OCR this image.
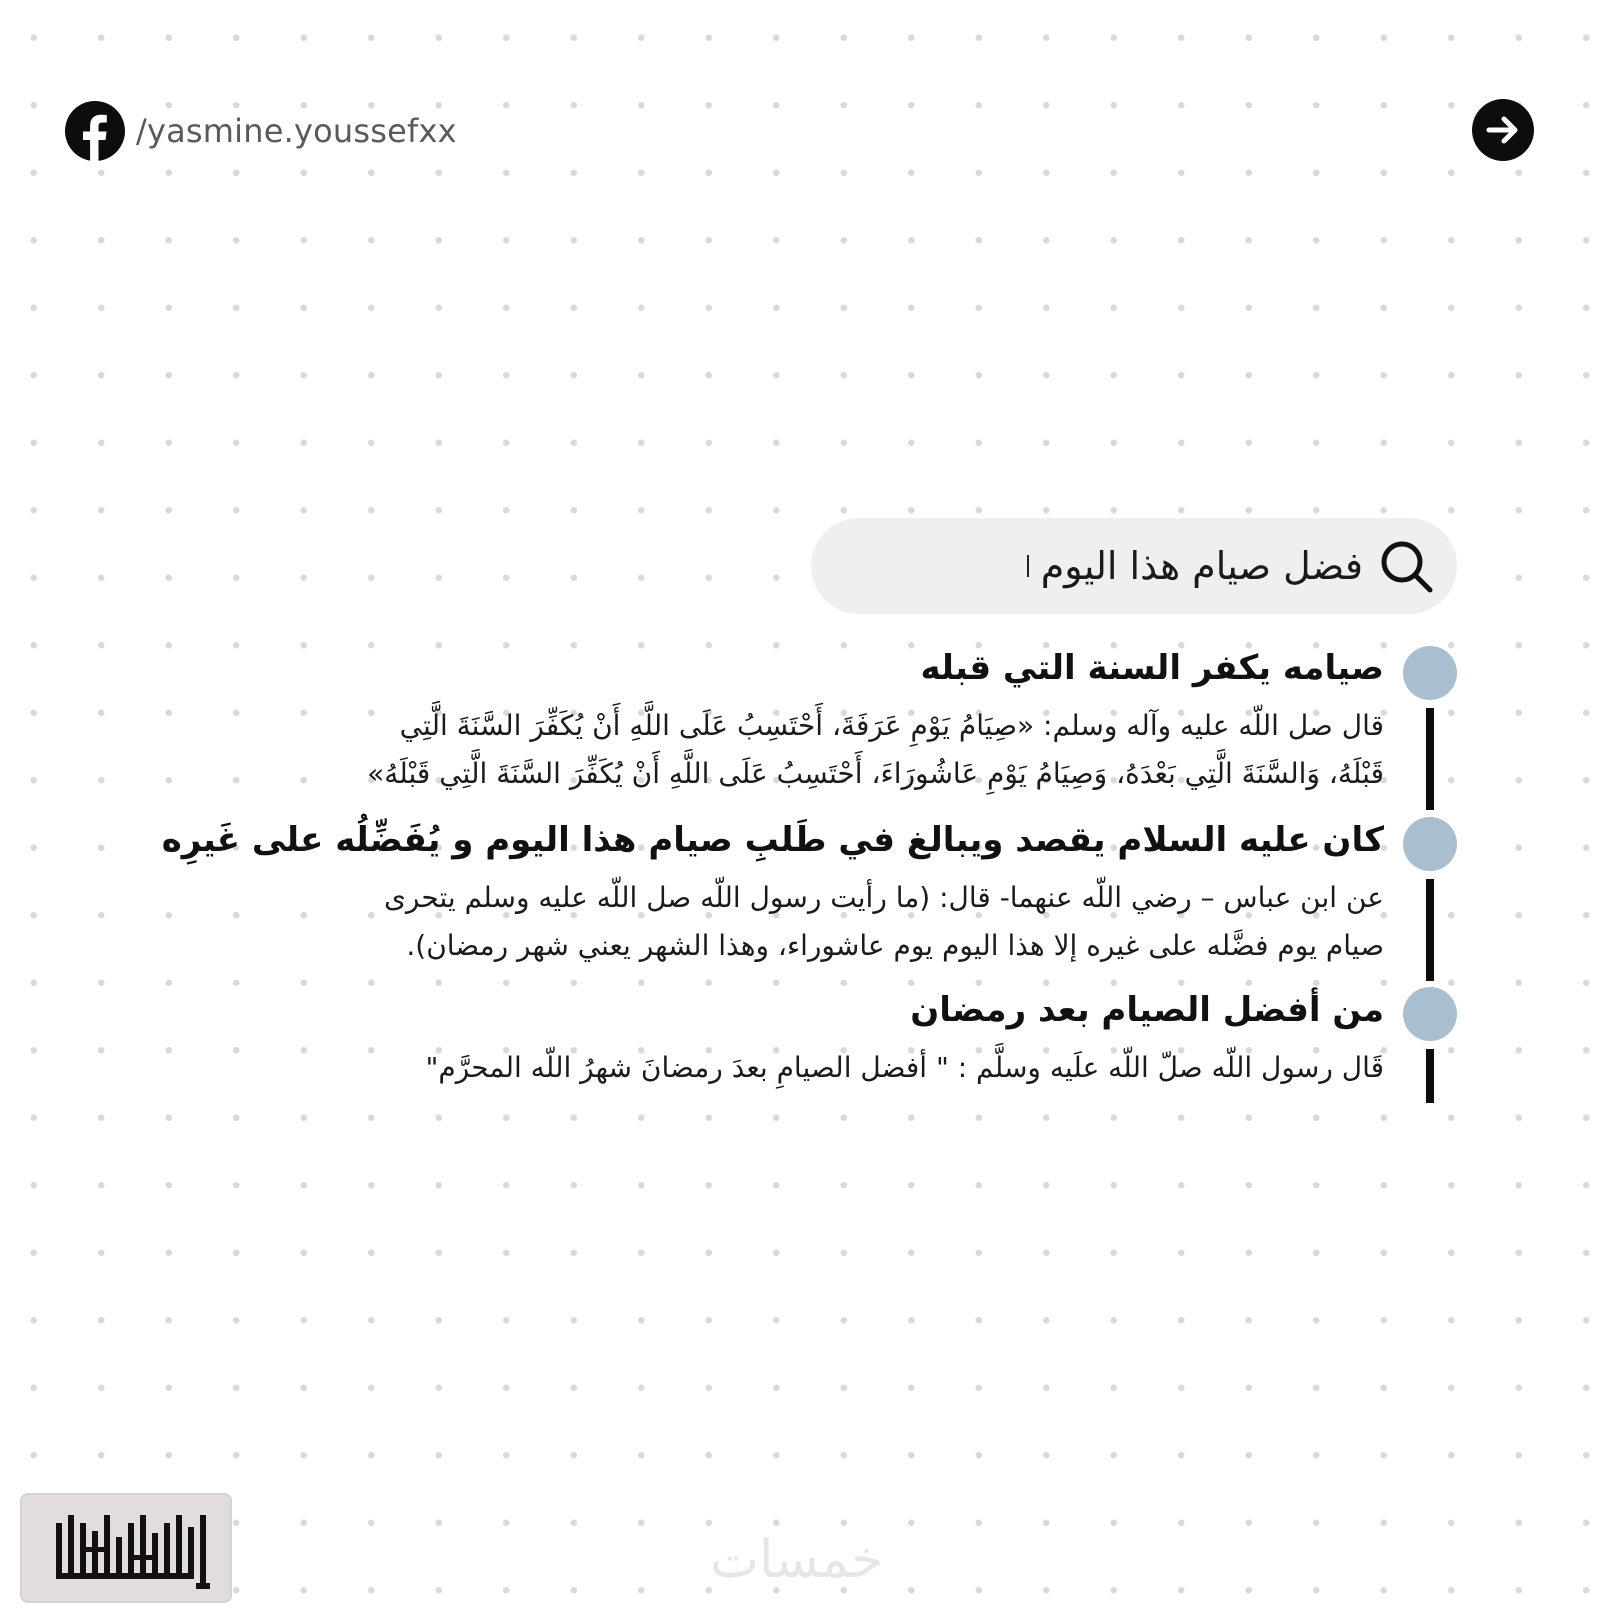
/yasmine.youssefxx
فضل صيام هذا اليوم
صيامه يكفر السنة التي قبله
قال صل اللّه عليه وآله وسلم: «صِيَامُ يَوْمِ عَرَفَةَ، أَحْتَسِبُ عَلَى اللَّهِ أَنْ يُكَفِّرَ السَّنَةَ الَّتِي
قَبْلَهُ، وَالسَّنَةَ الَّتِي بَعْدَهُ، وَصِيَامُ يَوْمِ عَاشُورَاءَ، أَحْتَسِبُ عَلَى اللَّهِ أَنْ يُكَفِّرَ السَّنَةَ الَّتِي قَبْلَهُ»
كان عليه السلام يقصد ويبالغ في طَلبِ صيام هذا اليوم و يُفَضِّلُه على غَيرِه
عن ابن عباس – رضي اللّه عنهما- قال: (ما رأيت رسول اللّه صل اللّه عليه وسلم يتحرى
صيام يوم فضَّله على غيره إلا هذا اليوم يوم عاشوراء، وهذا الشهر يعني شهر رمضان).
من أفضل الصيام بعد رمضان
قَال رسول اللّه صلّ اللّه علَيه وسلَّم : " أفضل الصيامِ بعدَ رمضانَ شهرُ اللّه المحرَّم"
خمسات
